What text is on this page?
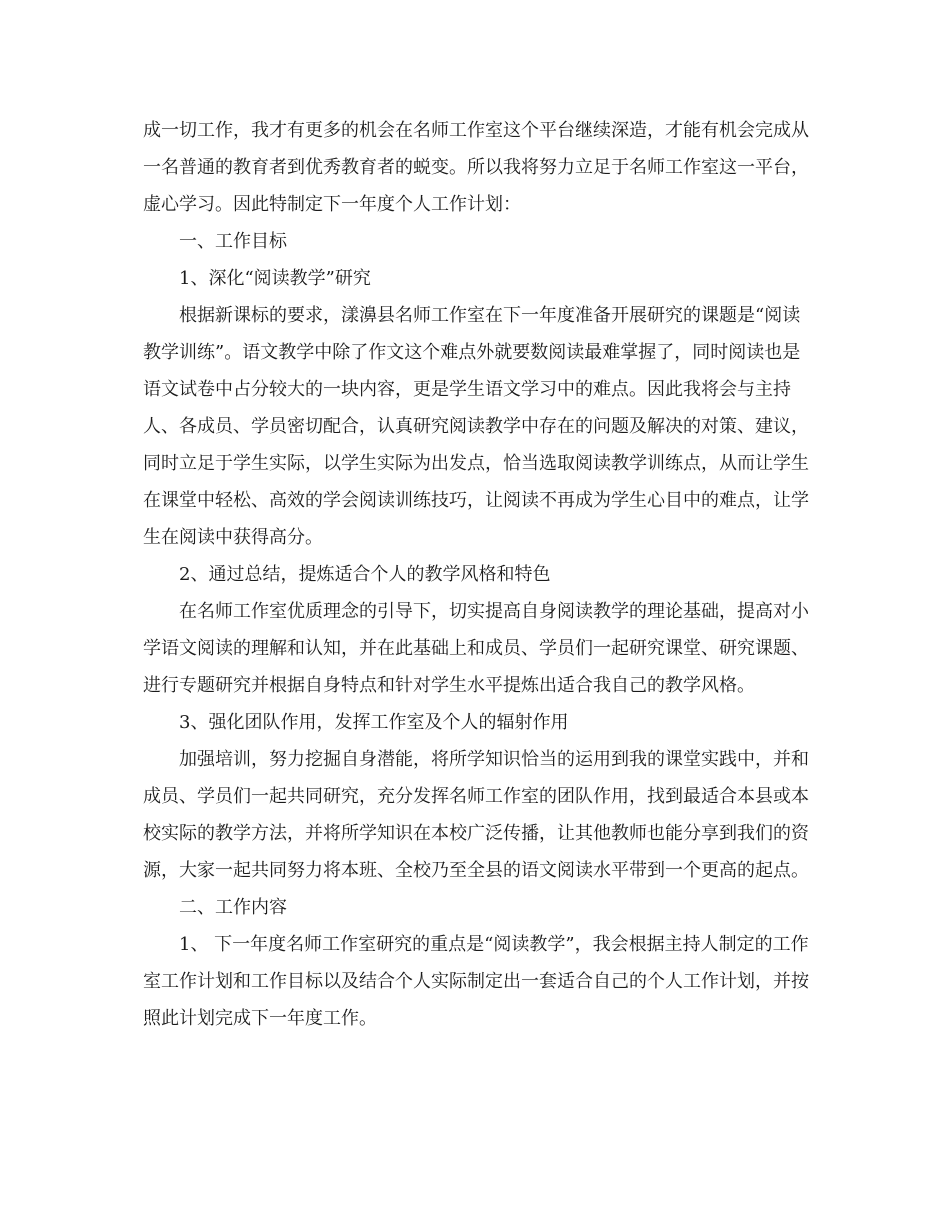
成一切工作，我才有更多的机会在名师工作室这个平台继续深造，才能有机会完成从一名普通的教育者到优秀教育者的蜕变。所以我将努力立足于名师工作室这一平台，虚心学习。因此特制定下一年度个人工作计划：

一、工作目标

1、深化“阅读教学”研究

根据新课标的要求，漾濞县名师工作室在下一年度准备开展研究的课题是“阅读教学训练”。语文教学中除了作文这个难点外就要数阅读最难掌握了，同时阅读也是语文试卷中占分较大的一块内容，更是学生语文学习中的难点。因此我将会与主持人、各成员、学员密切配合，认真研究阅读教学中存在的问题及解决的对策、建议，同时立足于学生实际，以学生实际为出发点，恰当选取阅读教学训练点，从而让学生在课堂中轻松、高效的学会阅读训练技巧，让阅读不再成为学生心目中的难点，让学生在阅读中获得高分。

2、通过总结，提炼适合个人的教学风格和特色

在名师工作室优质理念的引导下，切实提高自身阅读教学的理论基础，提高对小学语文阅读的理解和认知，并在此基础上和成员、学员们一起研究课堂、研究课题、进行专题研究并根据自身特点和针对学生水平提炼出适合我自己的教学风格。

3、强化团队作用，发挥工作室及个人的辐射作用

加强培训，努力挖掘自身潜能，将所学知识恰当的运用到我的课堂实践中，并和成员、学员们一起共同研究，充分发挥名师工作室的团队作用，找到最适合本县或本校实际的教学方法，并将所学知识在本校广泛传播，让其他教师也能分享到我们的资源，大家一起共同努力将本班、全校乃至全县的语文阅读水平带到一个更高的起点。

二、工作内容

1、 下一年度名师工作室研究的重点是“阅读教学”，我会根据主持人制定的工作室工作计划和工作目标以及结合个人实际制定出一套适合自己的个人工作计划，并按照此计划完成下一年度工作。
